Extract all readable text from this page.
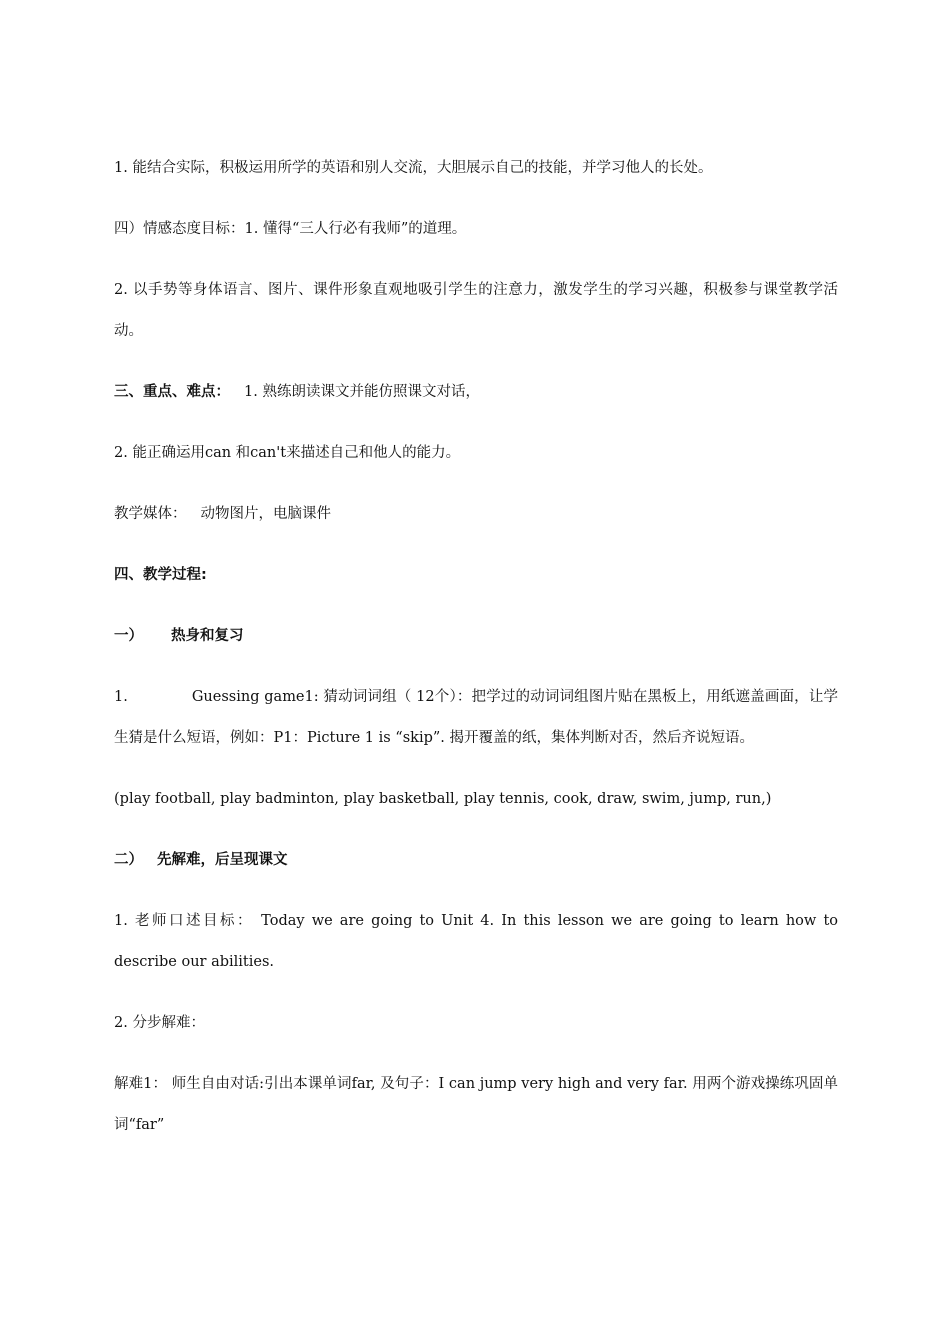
1. 能结合实际，积极运用所学的英语和别人交流，大胆展示自己的技能，并学习他人的长处。

四）情感态度目标：1. 懂得“三人行必有我师”的道理。

2. 以手势等身体语言、图片、课件形象直观地吸引学生的注意力，激发学生的学习兴趣，积极参与课堂教学活动。

三、重点、难点： 1. 熟练朗读课文并能仿照课文对话，

2. 能正确运用can 和can't来描述自己和他人的能力。

教学媒体： 动物图片，电脑课件

四、教学过程:

一） 热身和复习

1.	Guessing game1: 猜动词词组（ 12个）：把学过的动词词组图片贴在黑板上，用纸遮盖画面，让学生猜是什么短语，例如：P1：Picture 1 is “skip”. 揭开覆盖的纸，集体判断对否，然后齐说短语。

(play football, play badminton, play basketball, play tennis, cook, draw, swim, jump, run,)

二） 先解难，后呈现课文

1. 老师口述目标： Today we are going to Unit 4. In this lesson we are going to learn how to describe our abilities.

2. 分步解难：

解难1： 师生自由对话:引出本课单词far, 及句子：I can jump very high and very far. 用两个游戏操练巩固单词“far”
